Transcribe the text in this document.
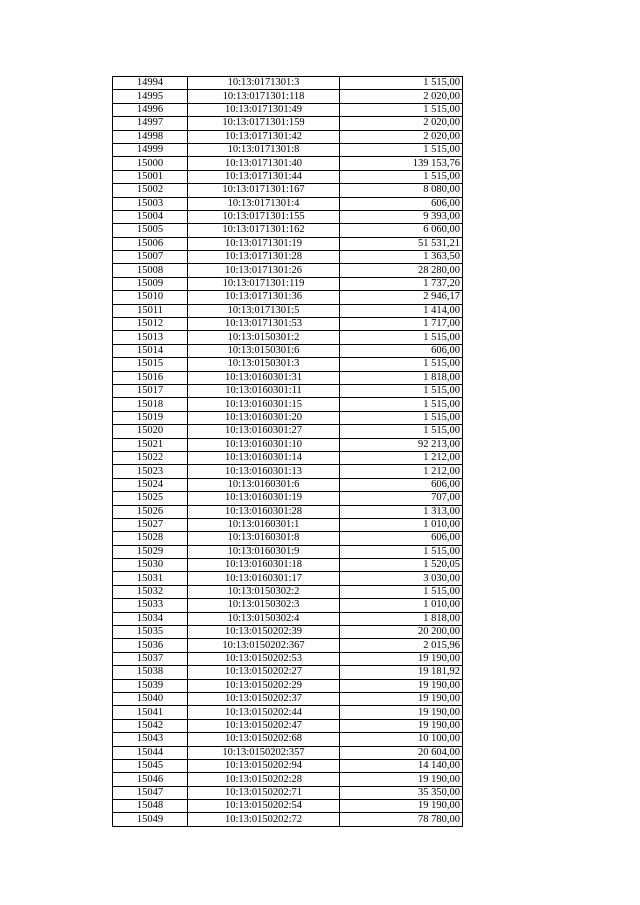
14994	10:13:0171301:3	1 515,00
14995	10:13:0171301:118	2 020,00
14996	10:13:0171301:49	1 515,00
14997	10:13:0171301:159	2 020,00
14998	10:13:0171301:42	2 020,00
14999	10:13:0171301:8	1 515,00
15000	10:13:0171301:40	139 153,76
15001	10:13:0171301:44	1 515,00
15002	10:13:0171301:167	8 080,00
15003	10:13:0171301:4	606,00
15004	10:13:0171301:155	9 393,00
15005	10:13:0171301:162	6 060,00
15006	10:13:0171301:19	51 531,21
15007	10:13:0171301:28	1 363,50
15008	10:13:0171301:26	28 280,00
15009	10:13:0171301:119	1 737,20
15010	10:13:0171301:36	2 946,17
15011	10:13:0171301:5	1 414,00
15012	10:13:0171301:53	1 717,00
15013	10:13:0150301:2	1 515,00
15014	10:13:0150301:6	606,00
15015	10:13:0150301:3	1 515,00
15016	10:13:0160301:31	1 818,00
15017	10:13:0160301:11	1 515,00
15018	10:13:0160301:15	1 515,00
15019	10:13:0160301:20	1 515,00
15020	10:13:0160301:27	1 515,00
15021	10:13:0160301:10	92 213,00
15022	10:13:0160301:14	1 212,00
15023	10:13:0160301:13	1 212,00
15024	10:13:0160301:6	606,00
15025	10:13:0160301:19	707,00
15026	10:13:0160301:28	1 313,00
15027	10:13:0160301:1	1 010,00
15028	10:13:0160301:8	606,00
15029	10:13:0160301:9	1 515,00
15030	10:13:0160301:18	1 520,05
15031	10:13:0160301:17	3 030,00
15032	10:13:0150302:2	1 515,00
15033	10:13:0150302:3	1 010,00
15034	10:13:0150302:4	1 818,00
15035	10:13:0150202:39	20 200,00
15036	10:13:0150202:367	2 015,96
15037	10:13:0150202:53	19 190,00
15038	10:13:0150202:27	19 181,92
15039	10:13:0150202:29	19 190,00
15040	10:13:0150202:37	19 190,00
15041	10:13:0150202:44	19 190,00
15042	10:13:0150202:47	19 190,00
15043	10:13:0150202:68	10 100,00
15044	10:13:0150202:357	20 604,00
15045	10:13:0150202:94	14 140,00
15046	10:13:0150202:28	19 190,00
15047	10:13:0150202:71	35 350,00
15048	10:13:0150202:54	19 190,00
15049	10:13:0150202:72	78 780,00
